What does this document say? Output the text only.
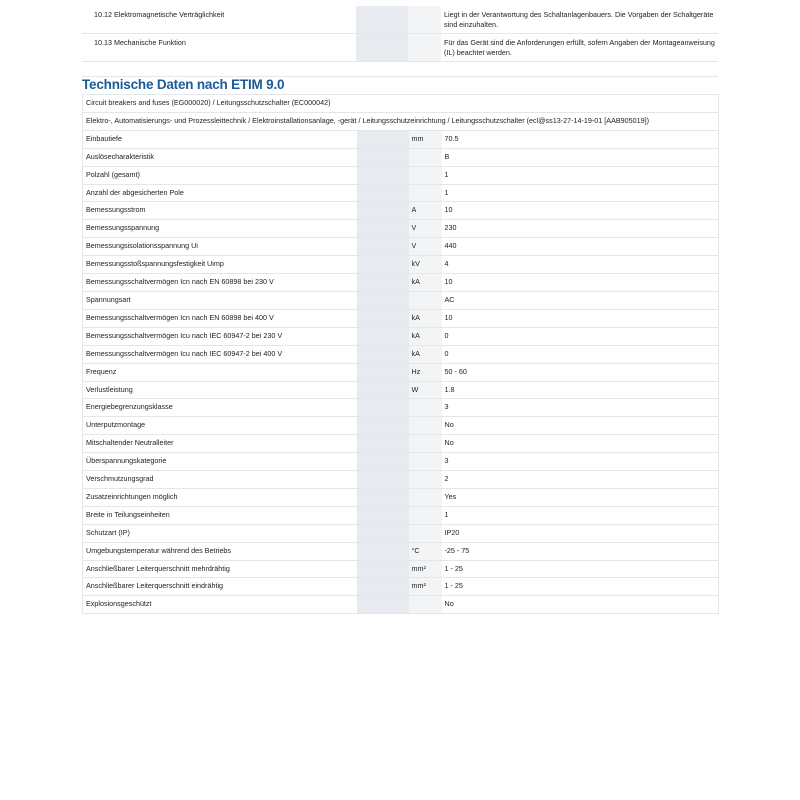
10.12 Elektromagnetische Verträglichkeit			Liegt in der Verantwortung des Schaltanlagenbauers. Die Vorgaben der Schaltgeräte sind einzuhalten.
10.13 Mechanische Funktion			Für das Gerät sind die Anforderungen erfüllt, sofern Angaben der Montageanweisung (IL) beachtet werden.
Technische Daten nach ETIM 9.0
Circuit breakers and fuses (EG000020) / Leitungsschutzschalter (EC000042)			
Elektro-, Automatisierungs- und Prozessleittechnik / Elektroinstallationsanlage, -gerät / Leitungsschutzeinrichtung / Leitungsschutzschalter (ecl@ss13-27-14-19-01 [AAB905019])			
Einbautiefe		mm	70.5
Auslösecharakteristik			B
Polzahl (gesamt)			1
Anzahl der abgesicherten Pole			1
Bemessungsstrom		A	10
Bemessungsspannung		V	230
Bemessungsisolationsspannung Ui		V	440
Bemessungsstoßspannungsfestigkeit Uimp		kV	4
Bemessungsschaltvermögen Icn nach EN 60898 bei 230 V		kA	10
Spannungsart			AC
Bemessungsschaltvermögen Icn nach EN 60898 bei 400 V		kA	10
Bemessungsschaltvermögen Icu nach IEC 60947-2 bei 230 V		kA	0
Bemessungsschaltvermögen Icu nach IEC 60947-2 bei 400 V		kA	0
Frequenz		Hz	50 - 60
Verlustleistung		W	1.8
Energiebegrenzungsklasse			3
Unterputzmontage			No
Mitschaltender Neutralleiter			No
Überspannungskategorie			3
Verschmutzungsgrad			2
Zusatzeinrichtungen möglich			Yes
Breite in Teilungseinheiten			1
Schutzart (IP)			IP20
Umgebungstemperatur während des Betriebs		°C	-25 - 75
Anschließbarer Leiterquerschnitt mehrdrähtig		mm²	1 - 25
Anschließbarer Leiterquerschnitt eindrähtig		mm²	1 - 25
Explosionsgeschützt			No
